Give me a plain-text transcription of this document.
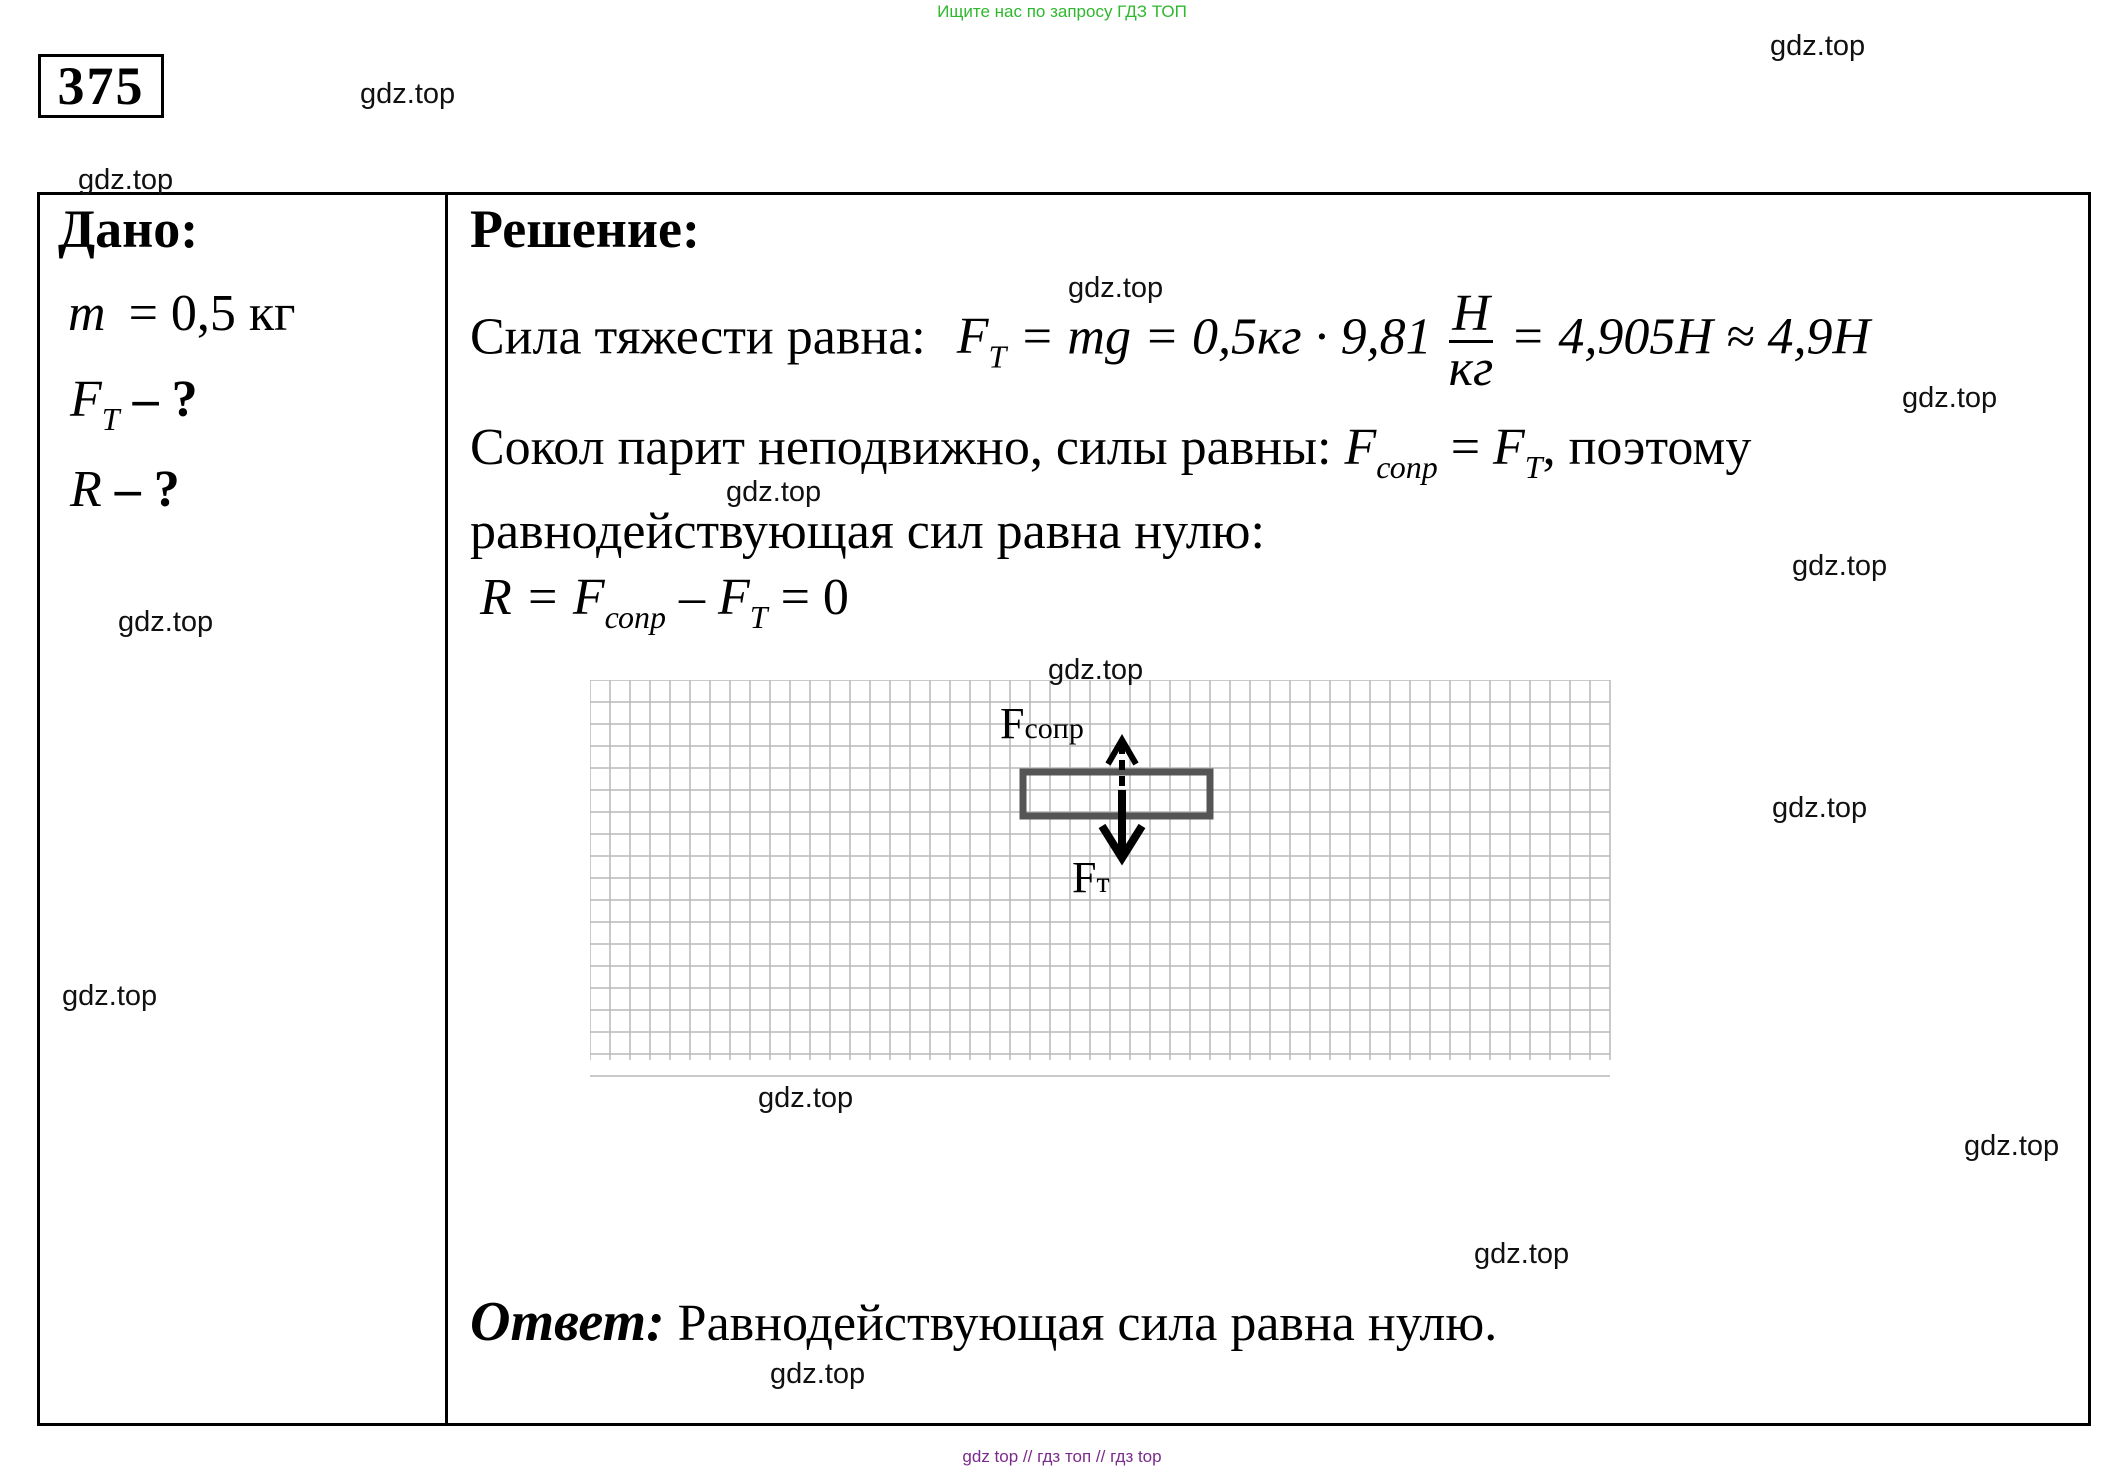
Ищите нас по запросу ГДЗ ТОП
375
Дано:
m = 0,5 кг
$F_Т$ – ?
R – ?
Решение:
Сила тяжести равна: $F_T$ = mg = $0,5кг \cdot 9,81 \frac{Н}{кг} = 4,905Н \approx 4,9Н$
Сокол парит неподвижно, силы равны: $F_{сопр} = F_T$, поэтому
равнодействующая сил равна нулю:
$R = F_{сопр} - F_T = 0$
Fсопр
Fт
Ответ: Равнодействующая сила равна нулю.
gdz.top
gdz.top
gdz.top
gdz.top
gdz.top
gdz.top
gdz.top
gdz.top
gdz.top
gdz.top
gdz.top
gdz.top
gdz.top
gdz.top
gdz.top
gdz top // гдз топ // гдз top
